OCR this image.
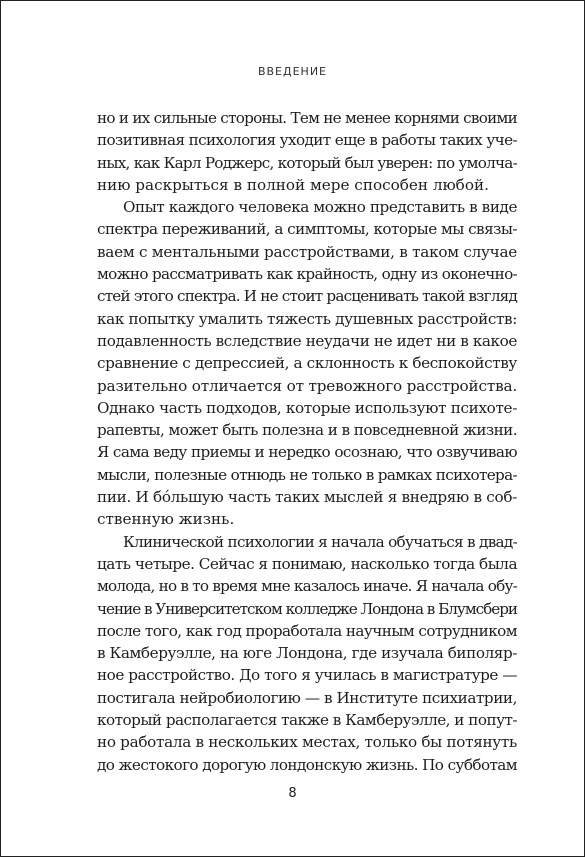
ВВЕДЕНИЕ
но и их сильные стороны. Тем не менее корнями своими
позитивная психология уходит еще в работы таких уче-
ных, как Карл Роджерс, который был уверен: по умолча-
нию раскрыться в полной мере способен любой.
Опыт каждого человека можно представить в виде
спектра переживаний, а симптомы, которые мы связы-
ваем с ментальными расстройствами, в таком случае
можно рассматривать как крайность, одну из оконечно-
стей этого спектра. И не стоит расценивать такой взгляд
как попытку умалить тяжесть душевных расстройств:
подавленность вследствие неудачи не идет ни в какое
сравнение с депрессией, а склонность к беспокойству
разительно отличается от тревожного расстройства.
Однако часть подходов, которые используют психоте-
рапевты, может быть полезна и в повседневной жизни.
Я сама веду приемы и нередко осознаю, что озвучиваю
мысли, полезные отнюдь не только в рамках психотера-
пии. И бóльшую часть таких мыслей я внедряю в соб-
ственную жизнь.
Клинической психологии я начала обучаться в двад-
цать четыре. Сейчас я понимаю, насколько тогда была
молода, но в то время мне казалось иначе. Я начала обу-
чение в Университетском колледже Лондона в Блумсбери
после того, как год проработала научным сотрудником
в Камберуэлле, на юге Лондона, где изучала биполяр-
ное расстройство. До того я училась в магистратуре —
постигала нейробиологию — в Институте психиатрии,
который располагается также в Камберуэлле, и попут-
но работала в нескольких местах, только бы потянуть
до жестокого дорогую лондонскую жизнь. По субботам
8
